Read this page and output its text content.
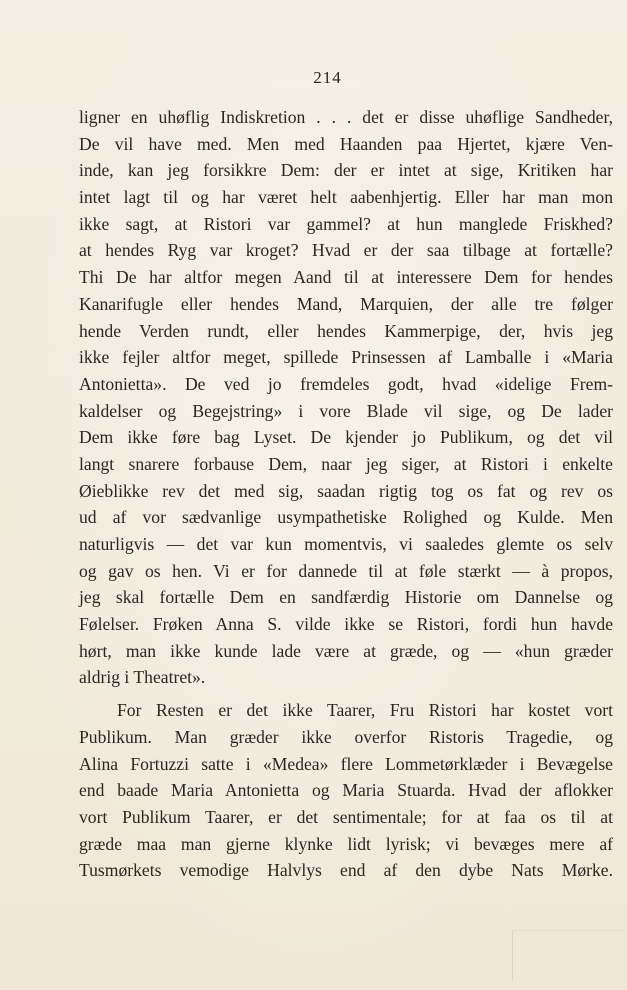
214
ligner en uhøflig Indiskretion . . . det er disse uhøflige Sandheder,
De vil have med. Men med Haanden paa Hjertet, kjære Ven-
inde, kan jeg forsikkre Dem: der er intet at sige, Kritiken har
intet lagt til og har været helt aabenhjertig. Eller har man mon
ikke sagt, at Ristori var gammel? at hun manglede Friskhed?
at hendes Ryg var kroget? Hvad er der saa tilbage at fortælle?
Thi De har altfor megen Aand til at interessere Dem for hendes
Kanarifugle eller hendes Mand, Marquien, der alle tre følger
hende Verden rundt, eller hendes Kammerpige, der, hvis jeg
ikke fejler altfor meget, spillede Prinsessen af Lamballe i «Maria
Antonietta». De ved jo fremdeles godt, hvad «idelige Frem-
kaldelser og Begejstring» i vore Blade vil sige, og De lader
Dem ikke føre bag Lyset. De kjender jo Publikum, og det vil
langt snarere forbause Dem, naar jeg siger, at Ristori i enkelte
Øieblikke rev det med sig, saadan rigtig tog os fat og rev os
ud af vor sædvanlige usympathetiske Rolighed og Kulde. Men
naturligvis — det var kun momentvis, vi saaledes glemte os selv
og gav os hen. Vi er for dannede til at føle stærkt — à propos,
jeg skal fortælle Dem en sandfærdig Historie om Dannelse og
Følelser. Frøken Anna S. vilde ikke se Ristori, fordi hun havde
hørt, man ikke kunde lade være at græde, og — «hun græder
aldrig i Theatret».
For Resten er det ikke Taarer, Fru Ristori har kostet vort
Publikum. Man græder ikke overfor Ristoris Tragedie, og
Alina Fortuzzi satte i «Medea» flere Lommetørklæder i Bevægelse
end baade Maria Antonietta og Maria Stuarda. Hvad der aflokker
vort Publikum Taarer, er det sentimentale; for at faa os til at
græde maa man gjerne klynke lidt lyrisk; vi bevæges mere af
Tusmørkets vemodige Halvlys end af den dybe Nats Mørke.
